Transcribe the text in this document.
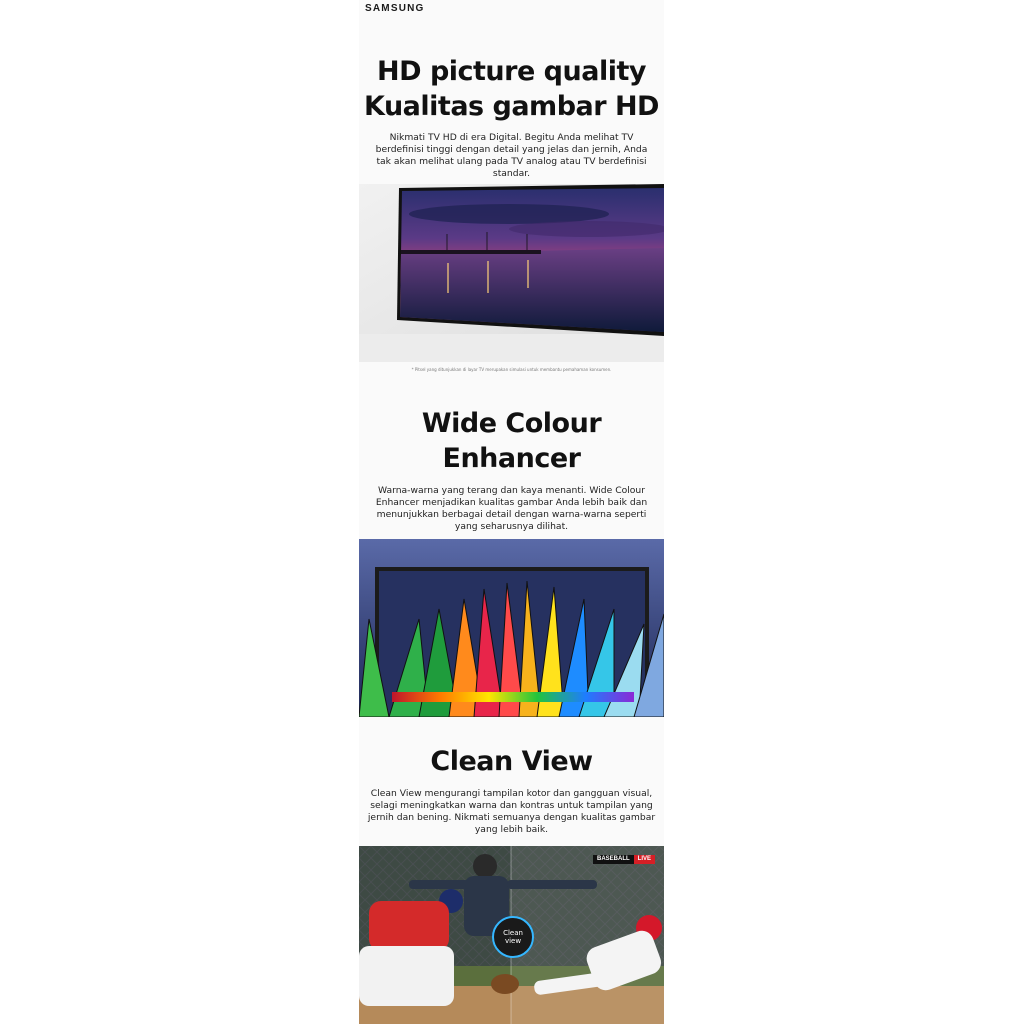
SAMSUNG
HD picture quality
Kualitas gambar HD
Nikmati TV HD di era Digital. Begitu Anda melihat TV berdefinisi tinggi dengan detail yang jelas dan jernih, Anda tak akan melihat ulang pada TV analog atau TV berdefinisi standar.
* Pitsel yang ditunjukkan di layar TV merupakan simulasi untuk membantu pemahaman konsumen.
Wide Colour
Enhancer
Warna-warna yang terang dan kaya menanti. Wide Colour Enhancer menjadikan kualitas gambar Anda lebih baik dan menunjukkan berbagai detail dengan warna-warna seperti yang seharusnya dilihat.
Clean View
Clean View mengurangi tampilan kotor dan gangguan visual, selagi meningkatkan warna dan kontras untuk tampilan yang jernih dan bening. Nikmati semuanya dengan kualitas gambar yang lebih baik.
BASEBALL	LIVE
Clean
view
